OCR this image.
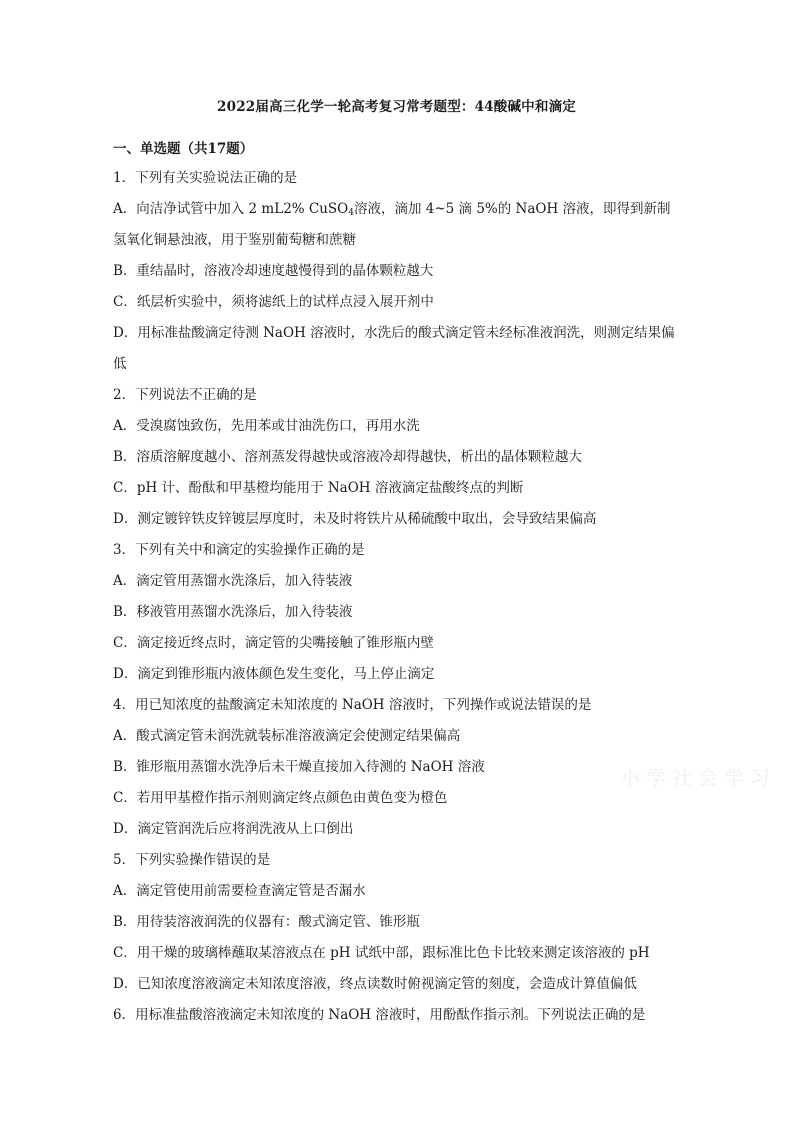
2022届高三化学一轮高考复习常考题型：44酸碱中和滴定
一、单选题（共17题）

1．下列有关实验说法正确的是

A．向洁净试管中加入 2 mL2% CuSO$_4$溶液，滴加 4~5 滴 5%的 NaOH 溶液，即得到新制氢氧化铜悬浊液，用于鉴别葡萄糖和蔗糖

B．重结晶时，溶液冷却速度越慢得到的晶体颗粒越大

C．纸层析实验中，须将滤纸上的试样点浸入展开剂中

D．用标准盐酸滴定待测 NaOH 溶液时，水洗后的酸式滴定管未经标准液润洗，则测定结果偏低

2．下列说法不正确的是

A．受溴腐蚀致伤，先用苯或甘油洗伤口，再用水洗

B．溶质溶解度越小、溶剂蒸发得越快或溶液冷却得越快，析出的晶体颗粒越大

C．pH 计、酚酞和甲基橙均能用于 NaOH 溶液滴定盐酸终点的判断

D．测定镀锌铁皮锌镀层厚度时，未及时将铁片从稀硫酸中取出，会导致结果偏高

3．下列有关中和滴定的实验操作正确的是

A．滴定管用蒸馏水洗涤后，加入待装液

B．移液管用蒸馏水洗涤后，加入待装液

C．滴定接近终点时，滴定管的尖嘴接触了锥形瓶内壁

D．滴定到锥形瓶内液体颜色发生变化，马上停止滴定

4．用已知浓度的盐酸滴定未知浓度的 NaOH 溶液时，下列操作或说法错误的是

A．酸式滴定管未润洗就装标准溶液滴定会使测定结果偏高

B．锥形瓶用蒸馏水洗净后未干燥直接加入待测的 NaOH 溶液

C．若用甲基橙作指示剂则滴定终点颜色由黄色变为橙色

D．滴定管润洗后应将润洗液从上口倒出

5．下列实验操作错误的是

A．滴定管使用前需要检查滴定管是否漏水

B．用待装溶液润洗的仪器有：酸式滴定管、锥形瓶

C．用干燥的玻璃棒蘸取某溶液点在 pH 试纸中部，跟标准比色卡比较来测定该溶液的 pH

D．已知浓度溶液滴定未知浓度溶液，终点读数时俯视滴定管的刻度，会造成计算值偏低

6．用标准盐酸溶液滴定未知浓度的 NaOH 溶液时，用酚酞作指示剂。下列说法正确的是

小学社会学习
